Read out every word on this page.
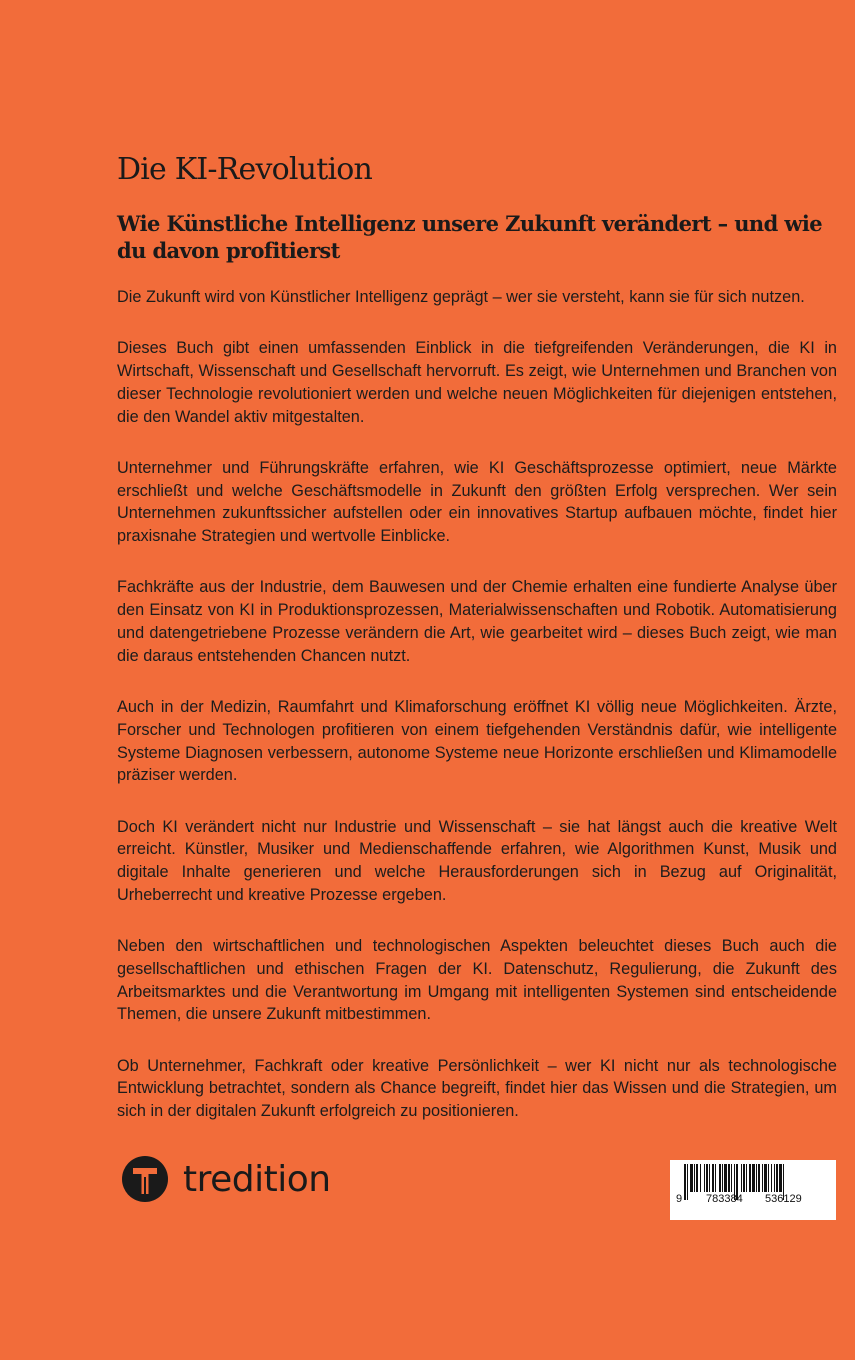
Die KI-Revolution
Wie Künstliche Intelligenz unsere Zukunft verändert – und wie du davon profitierst

Die Zukunft wird von Künstlicher Intelligenz geprägt – wer sie versteht, kann sie für sich nutzen.

Dieses Buch gibt einen umfassenden Einblick in die tiefgreifenden Veränderungen, die KI in Wirtschaft, Wissenschaft und Gesellschaft hervorruft. Es zeigt, wie Unternehmen und Branchen von dieser Technologie revolutioniert werden und welche neuen Möglichkeiten für diejenigen entstehen, die den Wandel aktiv mitgestalten.

Unternehmer und Führungskräfte erfahren, wie KI Geschäftsprozesse optimiert, neue Märkte erschließt und welche Geschäftsmodelle in Zukunft den größten Erfolg versprechen. Wer sein Unternehmen zukunftssicher aufstellen oder ein innovatives Startup aufbauen möchte, findet hier praxisnahe Strategien und wertvolle Einblicke.

Fachkräfte aus der Industrie, dem Bauwesen und der Chemie erhalten eine fundierte Analyse über den Einsatz von KI in Produktionsprozessen, Materialwissenschaften und Robotik. Automatisierung und datengetriebene Prozesse verändern die Art, wie gearbeitet wird – dieses Buch zeigt, wie man die daraus entstehenden Chancen nutzt.

Auch in der Medizin, Raumfahrt und Klimaforschung eröffnet KI völlig neue Möglichkeiten. Ärzte, Forscher und Technologen profitieren von einem tiefgehenden Verständnis dafür, wie intelligente Systeme Diagnosen verbessern, autonome Systeme neue Horizonte erschließen und Klimamodelle präziser werden.

Doch KI verändert nicht nur Industrie und Wissenschaft – sie hat längst auch die kreative Welt erreicht. Künstler, Musiker und Medienschaffende erfahren, wie Algorithmen Kunst, Musik und digitale Inhalte generieren und welche Herausforderungen sich in Bezug auf Originalität, Urheberrecht und kreative Prozesse ergeben.

Neben den wirtschaftlichen und technologischen Aspekten beleuchtet dieses Buch auch die gesellschaftlichen und ethischen Fragen der KI. Datenschutz, Regulierung, die Zukunft des Arbeitsmarktes und die Verantwortung im Umgang mit intelligenten Systemen sind entscheidende Themen, die unsere Zukunft mitbestimmen.

Ob Unternehmer, Fachkraft oder kreative Persönlichkeit – wer KI nicht nur als technologische Entwicklung betrachtet, sondern als Chance begreift, findet hier das Wissen und die Strategien, um sich in der digitalen Zukunft erfolgreich zu positionieren.

tredition	9 783384 536129
